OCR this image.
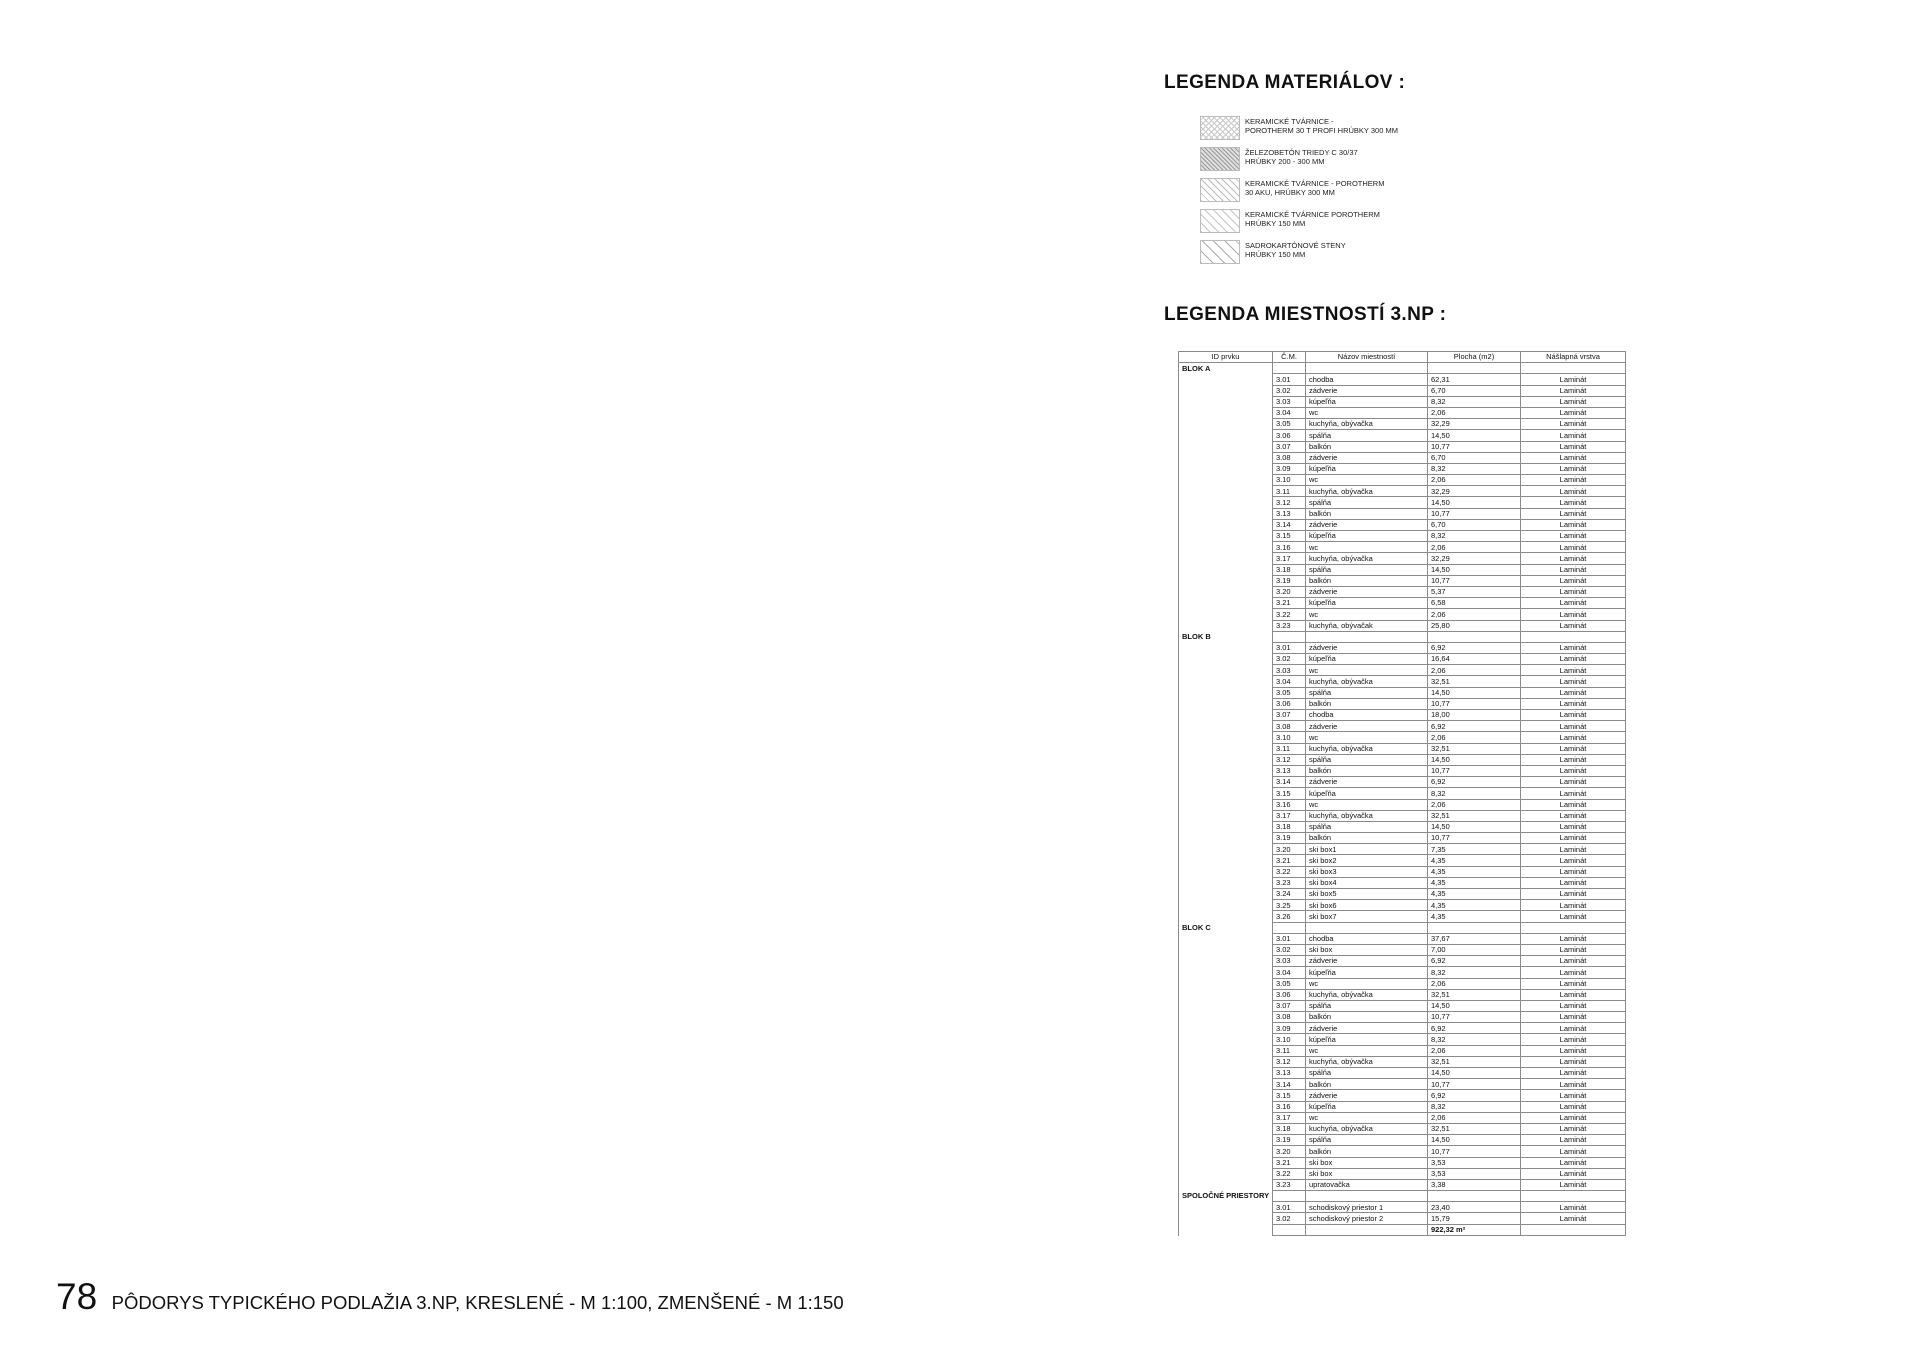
LEGENDA MATERIÁLOV :
KERAMICKÉ TVÁRNICE -
POROTHERM 30 T PROFI HRÚBKY 300 MM
ŽELEZOBETÓN TRIEDY C 30/37
HRÚBKY 200 - 300 MM
KERAMICKÉ TVÁRNICE - POROTHERM
30 AKU, HRÚBKY 300 MM
KERAMICKÉ TVÁRNICE POROTHERM
HRÚBKY 150 MM
SADROKARTÓNOVÉ STENY
HRÚBKY 150 MM
LEGENDA MIESTNOSTÍ 3.NP :
ID prvku	Č.M.	Názov miestností	Plocha (m2)	Nášlapná vrstva
BLOK A				
	3.01	chodba	62,31	Laminát
	3.02	zádverie	6,70	Laminát
	3.03	kúpeľňa	8,32	Laminát
	3.04	wc	2,06	Laminát
	3.05	kuchyňa, obývačka	32,29	Laminát
	3.06	spálňa	14,50	Laminát
	3.07	balkón	10,77	Laminát
	3.08	zádverie	6,70	Laminát
	3.09	kúpeľňa	8,32	Laminát
	3.10	wc	2,06	Laminát
	3.11	kuchyňa, obývačka	32,29	Laminát
	3.12	spálňa	14,50	Laminát
	3.13	balkón	10,77	Laminát
	3.14	zádverie	6,70	Laminát
	3.15	kúpeľňa	8,32	Laminát
	3.16	wc	2,06	Laminát
	3.17	kuchyňa, obývačka	32,29	Laminát
	3.18	spálňa	14,50	Laminát
	3.19	balkón	10,77	Laminát
	3.20	zádverie	5,37	Laminát
	3.21	kúpeľňa	6,58	Laminát
	3.22	wc	2,06	Laminát
	3.23	kuchyňa, obývačak	25,80	Laminát
BLOK B				
	3.01	zádverie	6,92	Laminát
	3.02	kúpeľňa	16,64	Laminát
	3.03	wc	2,06	Laminát
	3.04	kuchyňa, obývačka	32,51	Laminát
	3.05	spálňa	14,50	Laminát
	3.06	balkón	10,77	Laminát
	3.07	chodba	18,00	Laminát
	3.08	zádverie	6,92	Laminát
	3.10	wc	2,06	Laminát
	3.11	kuchyňa, obývačka	32,51	Laminát
	3.12	spálňa	14,50	Laminát
	3.13	balkón	10,77	Laminát
	3.14	zádverie	6,92	Laminát
	3.15	kúpeľňa	8,32	Laminát
	3.16	wc	2,06	Laminát
	3.17	kuchyňa, obývačka	32,51	Laminát
	3.18	spálňa	14,50	Laminát
	3.19	balkón	10,77	Laminát
	3.20	ski box1	7,35	Laminát
	3.21	ski box2	4,35	Laminát
	3.22	ski box3	4,35	Laminát
	3.23	ski box4	4,35	Laminát
	3.24	ski box5	4,35	Laminát
	3.25	ski box6	4,35	Laminát
	3.26	ski box7	4,35	Laminát
BLOK C				
	3.01	chodba	37,67	Laminát
	3.02	ski box	7,00	Laminát
	3.03	zádverie	6,92	Laminát
	3.04	kúpeľňa	8,32	Laminát
	3.05	wc	2,06	Laminát
	3.06	kuchyňa, obývačka	32,51	Laminát
	3.07	spálňa	14,50	Laminát
	3.08	balkón	10,77	Laminát
	3.09	zádverie	6,92	Laminát
	3.10	kúpeľňa	8,32	Laminát
	3.11	wc	2,06	Laminát
	3.12	kuchyňa, obývačka	32,51	Laminát
	3.13	spálňa	14,50	Laminát
	3.14	balkón	10,77	Laminát
	3.15	zádverie	6,92	Laminát
	3.16	kúpeľňa	8,32	Laminát
	3.17	wc	2,06	Laminát
	3.18	kuchyňa, obývačka	32,51	Laminát
	3.19	spálňa	14,50	Laminát
	3.20	balkón	10,77	Laminát
	3.21	ski box	3,53	Laminát
	3.22	ski box	3,53	Laminát
	3.23	upratovačka	3,38	Laminát
SPOLOČNÉ PRIESTORY				
	3.01	schodiskový priestor 1	23,40	Laminát
	3.02	schodiskový priestor 2	15,79	Laminát
			922,32 m²	
78 PÔDORYS TYPICKÉHO PODLAŽIA 3.NP, KRESLENÉ - M 1:100, ZMENŠENÉ - M 1:150
